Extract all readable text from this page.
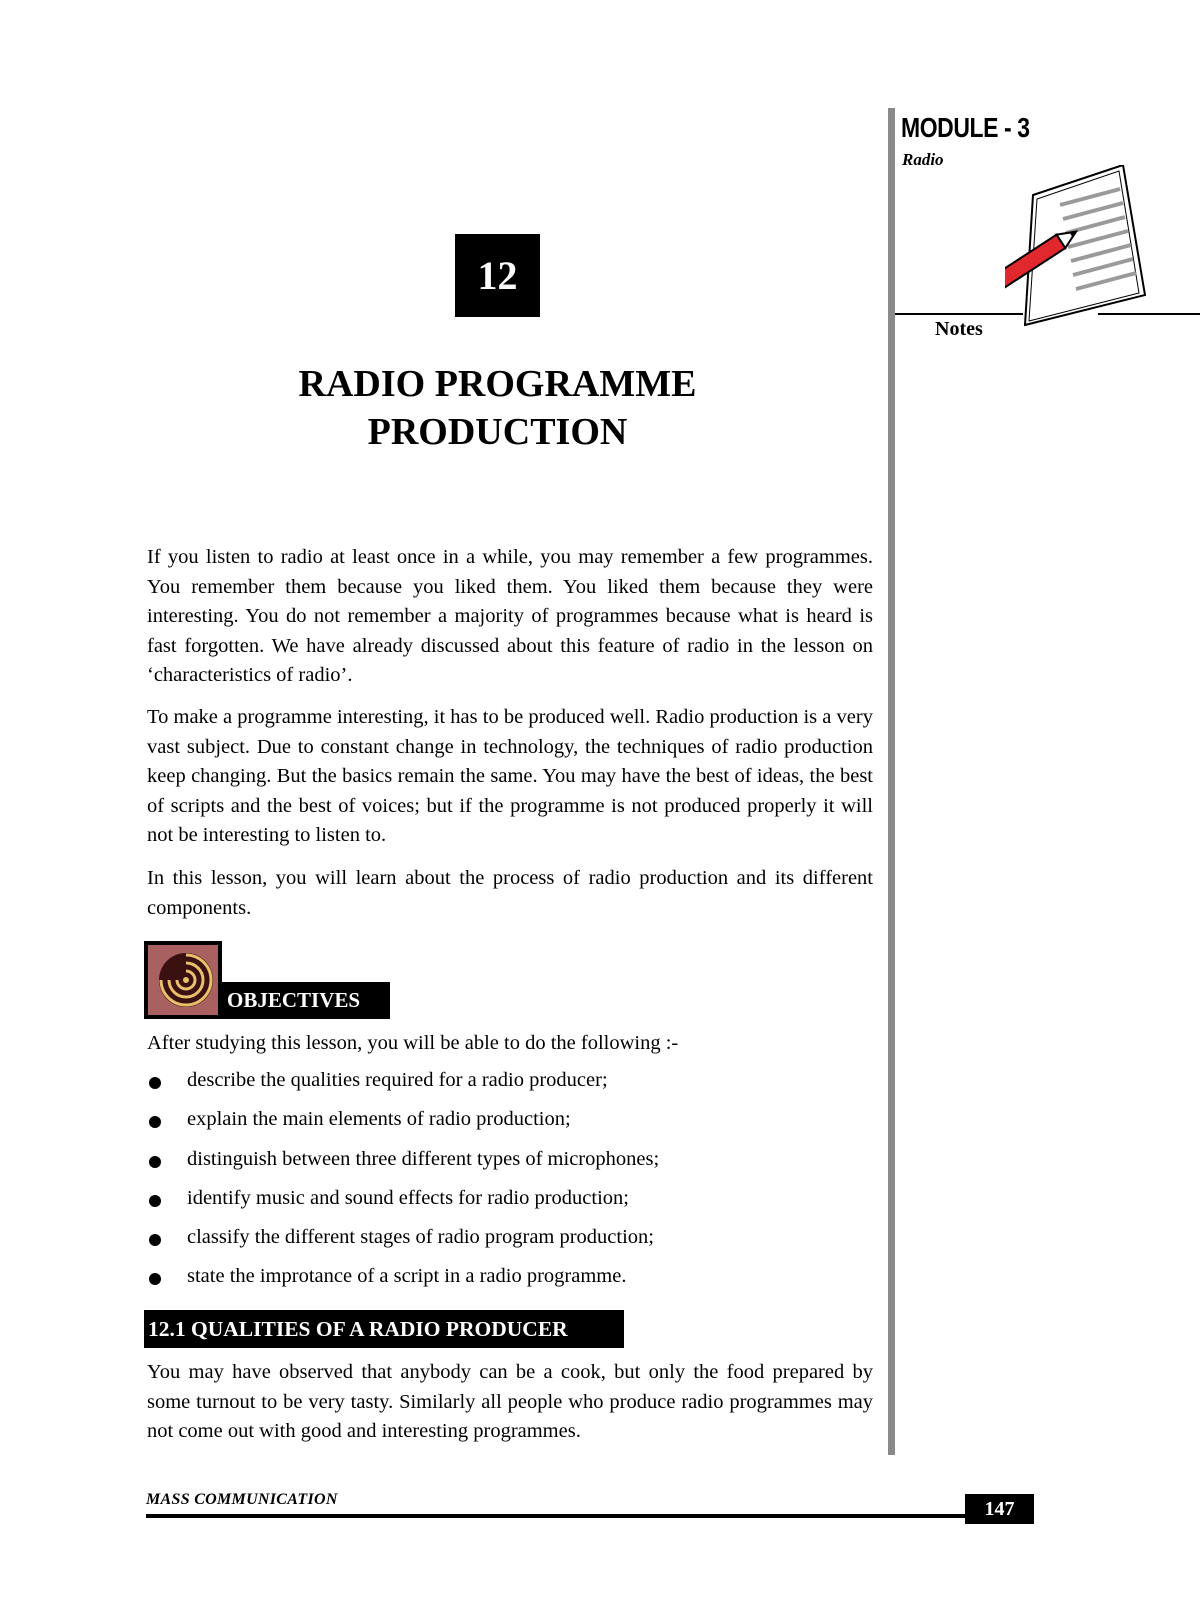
MODULE - 3
Radio
Notes
12
RADIO PROGRAMME
PRODUCTION

If you listen to radio at least once in a while, you may remember a few programmes. You remember them because you liked them. You liked them because they were interesting. You do not remember a majority of programmes because what is heard is fast forgotten. We have already discussed about this feature of radio in the lesson on ‘characteristics of radio’.

To make a programme interesting, it has to be produced well. Radio production is a very vast subject. Due to constant change in technology, the techniques of radio production keep changing. But the basics remain the same. You may have the best of ideas, the best of scripts and the best of voices; but if the programme is not produced properly it will not be interesting to listen to.

In this lesson, you will learn about the process of radio production and its different components.

OBJECTIVES
After studying this lesson, you will be able to do the following :-
describe the qualities required for a radio producer;
explain the main elements of radio production;
distinguish between three different types of microphones;
identify music and sound effects for radio production;
classify the different stages of radio program production;
state the improtance of a script in a radio programme.
12.1 QUALITIES OF A RADIO PRODUCER

You may have observed that anybody can be a cook, but only the food prepared by some turnout to be very tasty. Similarly all people who produce radio programmes may not come out with good and interesting programmes.

MASS COMMUNICATION	147
